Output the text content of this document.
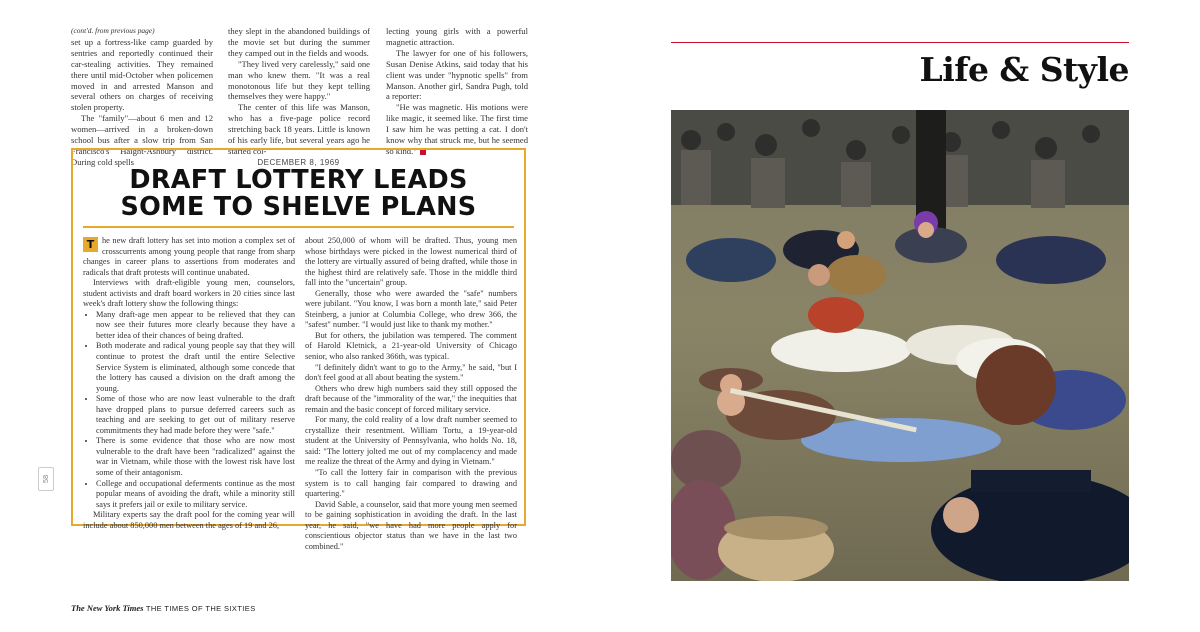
(cont'd. from previous page)

set up a fortress-like camp guarded by sentries and reportedly continued their car-stealing activities. They remained there until mid-October when policemen moved in and arrested Manson and several others on charges of receiving stolen property.

The "family"—about 6 men and 12 women—arrived in a broken-down school bus after a slow trip from San Francisco's Haight-Ashbury district. During cold spells

they slept in the abandoned buildings of the movie set but during the summer they camped out in the fields and woods.

"They lived very carelessly," said one man who knew them. "It was a real monotonous life but they kept telling themselves they were happy."

The center of this life was Manson, who has a five-page police record stretching back 18 years. Little is known of his early life, but several years ago he started col-

lecting young girls with a powerful magnetic attraction.

The lawyer for one of his followers, Susan Denise Atkins, said today that his client was under "hypnotic spells" from Manson. Another girl, Sandra Pugh, told a reporter:

"He was magnetic. His motions were like magic, it seemed like. The first time I saw him he was petting a cat. I don't know why that struck me, but he seemed so kind."

DECEMBER 8, 1969
DRAFT LOTTERY LEADS SOME TO SHELVE PLANS

T he new draft lottery has set into motion a complex set of crosscurrents among young people that range from sharp changes in career plans to assertions from moderates and radicals that draft protests will continue unabated.

Interviews with draft-eligible young men, counselors, student activists and draft board workers in 20 cities since last week's draft lottery show the following things:

• Many draft-age men appear to be relieved that they can now see their futures more clearly because they have a better idea of their chances of being drafted.
• Both moderate and radical young people say that they will continue to protest the draft until the entire Selective Service System is eliminated, although some concede that the lottery has caused a division on the draft among the young.
• Some of those who are now least vulnerable to the draft have dropped plans to pursue deferred careers such as teaching and are seeking to get out of military reserve commitments they had made before they were "safe."
• There is some evidence that those who are now most vulnerable to the draft have been "radicalized" against the war in Vietnam, while those with the lowest risk have lost some of their antagonism.
• College and occupational deferments continue as the most popular means of avoiding the draft, while a minority still says it prefers jail or exile to military service.

Military experts say the draft pool for the coming year will include about 850,000 men between the ages of 19 and 26,

about 250,000 of whom will be drafted. Thus, young men whose birthdays were picked in the lowest numerical third of the lottery are virtually assured of being drafted, while those in the highest third are relatively safe. Those in the middle third fall into the "uncertain" group.

Generally, those who were awarded the "safe" numbers were jubilant. "You know, I was born a month late," said Peter Steinberg, a junior at Columbia College, who drew 366, the "safest" number. "I would just like to thank my mother."

But for others, the jubilation was tempered. The comment of Harold Kletnick, a 21-year-old University of Chicago senior, who also ranked 366th, was typical.

"I definitely didn't want to go to the Army," he said, "but I don't feel good at all about beating the system."

Others who drew high numbers said they still opposed the draft because of the "immorality of the war," the inequities that remain and the basic concept of forced military service.

For many, the cold reality of a low draft number seemed to crystallize their resentment. William Tortu, a 19-year-old student at the University of Pennsylvania, who holds No. 18, said: "The lottery jolted me out of my complacency and made me realize the threat of the Army and dying in Vietnam."

"To call the lottery fair in comparison with the previous system is to call hanging fair compared to drawing and quartering."

David Sable, a counselor, said that more young men seemed to be gaining sophistication in avoiding the draft. In the last year, he said, "we have had more people apply for conscientious objector status than we have in the last two combined."

58
The New York Times THE TIMES OF THE SIXTIES
Life & Style
